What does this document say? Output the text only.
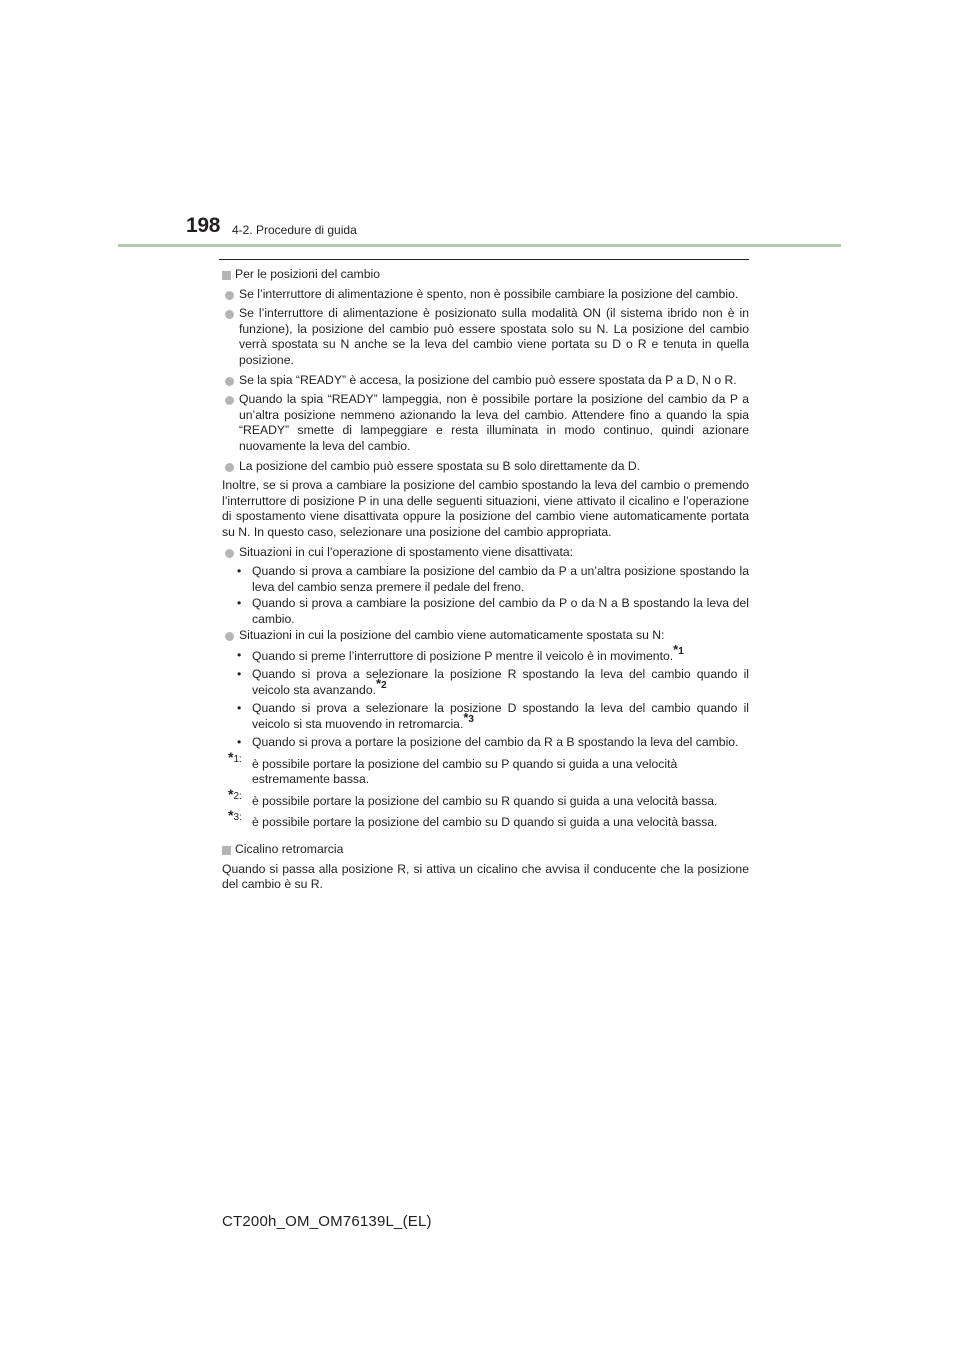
198 4-2. Procedure di guida
Per le posizioni del cambio
Se l’interruttore di alimentazione è spento, non è possibile cambiare la posizione del cambio.
Se l’interruttore di alimentazione è posizionato sulla modalità ON (il sistema ibrido non è in funzione), la posizione del cambio può essere spostata solo su N. La posizione del cambio verrà spostata su N anche se la leva del cambio viene portata su D o R e tenuta in quella posizione.
Se la spia “READY” è accesa, la posizione del cambio può essere spostata da P a D, N o R.
Quando la spia “READY” lampeggia, non è possibile portare la posizione del cambio da P a un’altra posizione nemmeno azionando la leva del cambio. Attendere fino a quando la spia “READY” smette di lampeggiare e resta illuminata in modo continuo, quindi azionare nuovamente la leva del cambio.
La posizione del cambio può essere spostata su B solo direttamente da D.
Inoltre, se si prova a cambiare la posizione del cambio spostando la leva del cambio o premendo l’interruttore di posizione P in una delle seguenti situazioni, viene attivato il cicalino e l’operazione di spostamento viene disattivata oppure la posizione del cambio viene automaticamente portata su N. In questo caso, selezionare una posizione del cambio appropriata.
Situazioni in cui l’operazione di spostamento viene disattivata:
• Quando si prova a cambiare la posizione del cambio da P a un’altra posizione spostando la leva del cambio senza premere il pedale del freno.
• Quando si prova a cambiare la posizione del cambio da P o da N a B spostando la leva del cambio.
Situazioni in cui la posizione del cambio viene automaticamente spostata su N:
• Quando si preme l’interruttore di posizione P mentre il veicolo è in movimento.$^{*1}$
• Quando si prova a selezionare la posizione R spostando la leva del cambio quando il veicolo sta avanzando.$^{*2}$
• Quando si prova a selezionare la posizione D spostando la leva del cambio quando il veicolo si sta muovendo in retromarcia.$^{*3}$
• Quando si prova a portare la posizione del cambio da R a B spostando la leva del cambio.
*1: è possibile portare la posizione del cambio su P quando si guida a una velocità estremamente bassa.
*2: è possibile portare la posizione del cambio su R quando si guida a una velocità bassa.
*3: è possibile portare la posizione del cambio su D quando si guida a una velocità bassa.
Cicalino retromarcia
Quando si passa alla posizione R, si attiva un cicalino che avvisa il conducente che la posizione del cambio è su R.
CT200h_OM_OM76139L_(EL)
